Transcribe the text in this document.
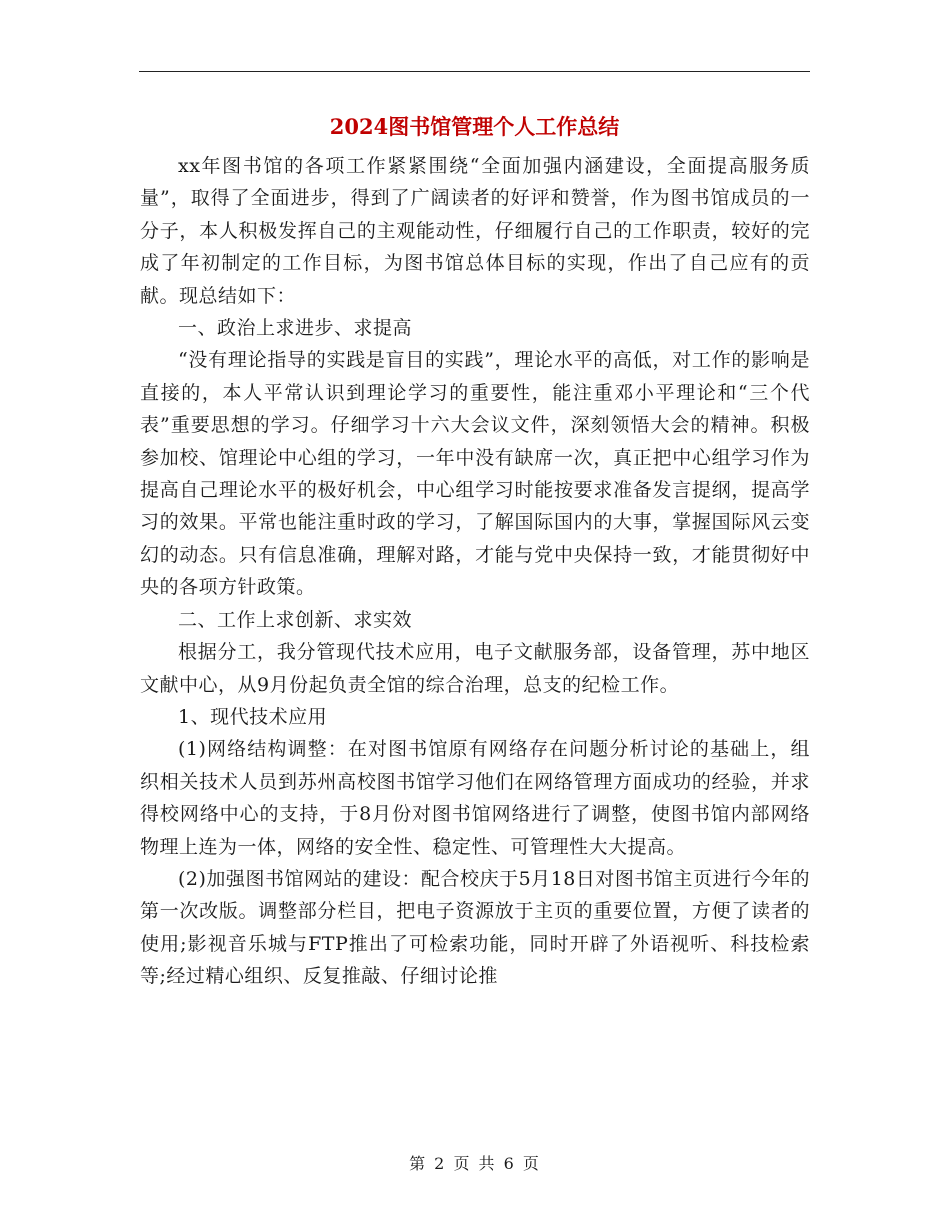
2024图书馆管理个人工作总结

xx年图书馆的各项工作紧紧围绕“全面加强内涵建设，全面提高服务质量”，取得了全面进步，得到了广阔读者的好评和赞誉，作为图书馆成员的一分子，本人积极发挥自己的主观能动性，仔细履行自己的工作职责，较好的完成了年初制定的工作目标，为图书馆总体目标的实现，作出了自己应有的贡献。现总结如下：

一、政治上求进步、求提高

“没有理论指导的实践是盲目的实践”，理论水平的高低，对工作的影响是直接的，本人平常认识到理论学习的重要性，能注重邓小平理论和“三个代表”重要思想的学习。仔细学习十六大会议文件，深刻领悟大会的精神。积极参加校、馆理论中心组的学习，一年中没有缺席一次，真正把中心组学习作为提高自己理论水平的极好机会，中心组学习时能按要求准备发言提纲，提高学习的效果。平常也能注重时政的学习，了解国际国内的大事，掌握国际风云变幻的动态。只有信息准确，理解对路，才能与党中央保持一致，才能贯彻好中央的各项方针政策。

二、工作上求创新、求实效

根据分工，我分管现代技术应用，电子文献服务部，设备管理，苏中地区文献中心，从9月份起负责全馆的综合治理，总支的纪检工作。

1、现代技术应用

(1)网络结构调整：在对图书馆原有网络存在问题分析讨论的基础上，组织相关技术人员到苏州高校图书馆学习他们在网络管理方面成功的经验，并求得校网络中心的支持，于8月份对图书馆网络进行了调整，使图书馆内部网络物理上连为一体，网络的安全性、稳定性、可管理性大大提高。

(2)加强图书馆网站的建设：配合校庆于5月18日对图书馆主页进行今年的第一次改版。调整部分栏目，把电子资源放于主页的重要位置，方便了读者的使用;影视音乐城与FTP推出了可检索功能，同时开辟了外语视听、科技检索等;经过精心组织、反复推敲、仔细讨论推

第 2 页 共 6 页
